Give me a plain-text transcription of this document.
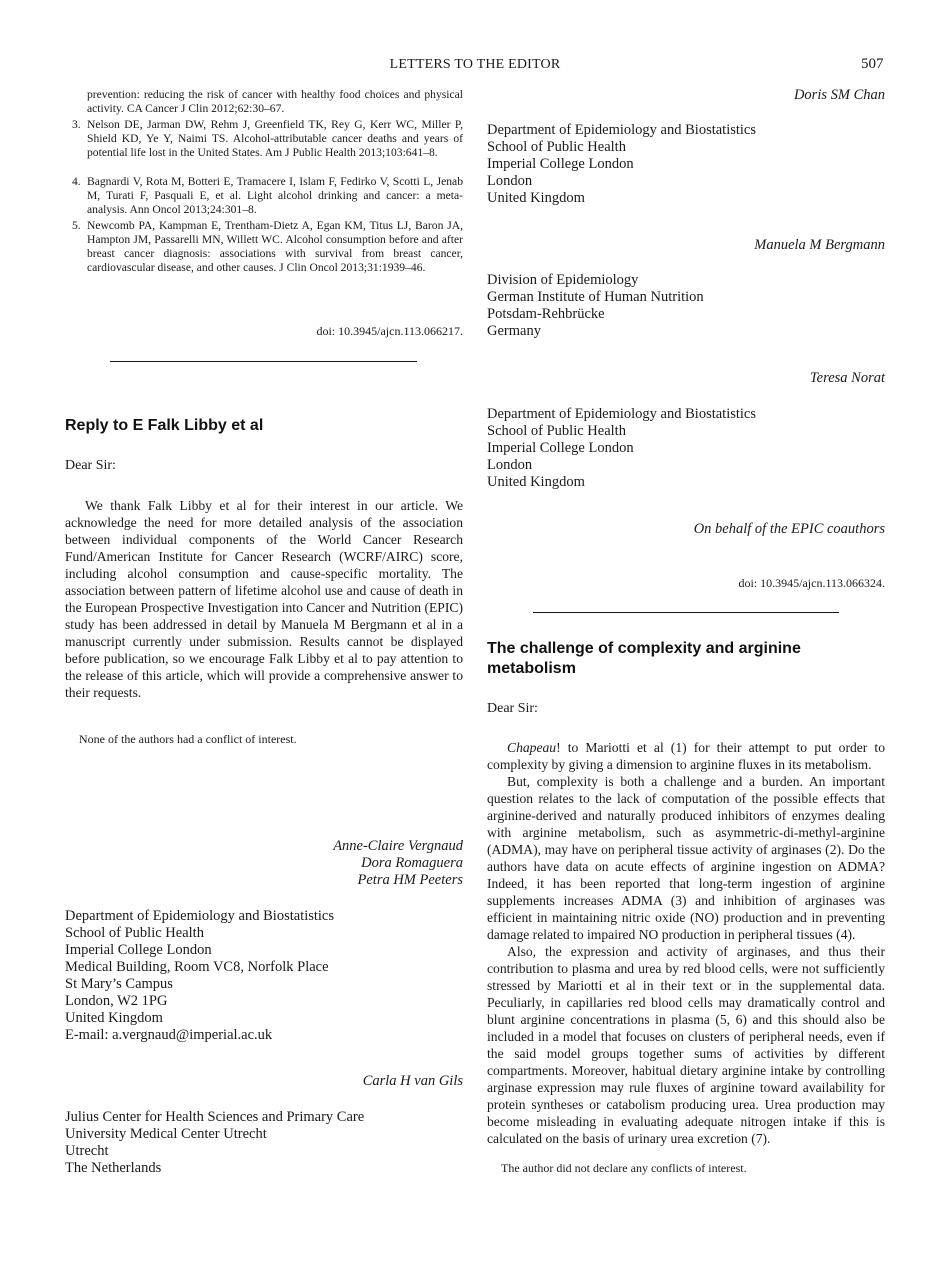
LETTERS TO THE EDITOR	507
prevention: reducing the risk of cancer with healthy food choices and physical activity. CA Cancer J Clin 2012;62:30–67.
3. Nelson DE, Jarman DW, Rehm J, Greenfield TK, Rey G, Kerr WC, Miller P, Shield KD, Ye Y, Naimi TS. Alcohol-attributable cancer deaths and years of potential life lost in the United States. Am J Public Health 2013;103:641–8.
4. Bagnardi V, Rota M, Botteri E, Tramacere I, Islam F, Fedirko V, Scotti L, Jenab M, Turati F, Pasquali E, et al. Light alcohol drinking and cancer: a meta-analysis. Ann Oncol 2013;24:301–8.
5. Newcomb PA, Kampman E, Trentham-Dietz A, Egan KM, Titus LJ, Baron JA, Hampton JM, Passarelli MN, Willett WC. Alcohol consumption before and after breast cancer diagnosis: associations with survival from breast cancer, cardiovascular disease, and other causes. J Clin Oncol 2013;31:1939–46.
doi: 10.3945/ajcn.113.066217.
Reply to E Falk Libby et al
Dear Sir:

We thank Falk Libby et al for their interest in our article. We acknowledge the need for more detailed analysis of the association between individual components of the World Cancer Research Fund/American Institute for Cancer Research (WCRF/AIRC) score, including alcohol consumption and cause-specific mortality. The association between pattern of lifetime alcohol use and cause of death in the European Prospective Investigation into Cancer and Nutrition (EPIC) study has been addressed in detail by Manuela M Bergmann et al in a manuscript currently under submission. Results cannot be displayed before publication, so we encourage Falk Libby et al to pay attention to the release of this article, which will provide a comprehensive answer to their requests.

None of the authors had a conflict of interest.
Anne-Claire Vergnaud
Dora Romaguera
Petra HM Peeters
Department of Epidemiology and Biostatistics
School of Public Health
Imperial College London
Medical Building, Room VC8, Norfolk Place
St Mary’s Campus
London, W2 1PG
United Kingdom
E-mail: a.vergnaud@imperial.ac.uk
Carla H van Gils
Julius Center for Health Sciences and Primary Care
University Medical Center Utrecht
Utrecht
The Netherlands
Doris SM Chan
Department of Epidemiology and Biostatistics
School of Public Health
Imperial College London
London
United Kingdom
Manuela M Bergmann
Division of Epidemiology
German Institute of Human Nutrition
Potsdam-Rehbrücke
Germany
Teresa Norat
Department of Epidemiology and Biostatistics
School of Public Health
Imperial College London
London
United Kingdom
On behalf of the EPIC coauthors
doi: 10.3945/ajcn.113.066324.
The challenge of complexity and arginine metabolism
Dear Sir:

Chapeau! to Mariotti et al (1) for their attempt to put order to complexity by giving a dimension to arginine fluxes in its metabolism.

But, complexity is both a challenge and a burden. An important question relates to the lack of computation of the possible effects that arginine-derived and naturally produced inhibitors of enzymes dealing with arginine metabolism, such as asymmetric-di-methyl-arginine (ADMA), may have on peripheral tissue activity of arginases (2). Do the authors have data on acute effects of arginine ingestion on ADMA? Indeed, it has been reported that long-term ingestion of arginine supplements increases ADMA (3) and inhibition of arginases was efficient in maintaining nitric oxide (NO) production and in preventing damage related to impaired NO production in peripheral tissues (4).

Also, the expression and activity of arginases, and thus their contribution to plasma and urea by red blood cells, were not sufficiently stressed by Mariotti et al in their text or in the supplemental data. Peculiarly, in capillaries red blood cells may dramatically control and blunt arginine concentrations in plasma (5, 6) and this should also be included in a model that focuses on clusters of peripheral needs, even if the said model groups together sums of activities by different compartments. Moreover, habitual dietary arginine intake by controlling arginase expression may rule fluxes of arginine toward availability for protein syntheses or catabolism producing urea. Urea production may become misleading in evaluating adequate nitrogen intake if this is calculated on the basis of urinary urea excretion (7).

The author did not declare any conflicts of interest.
